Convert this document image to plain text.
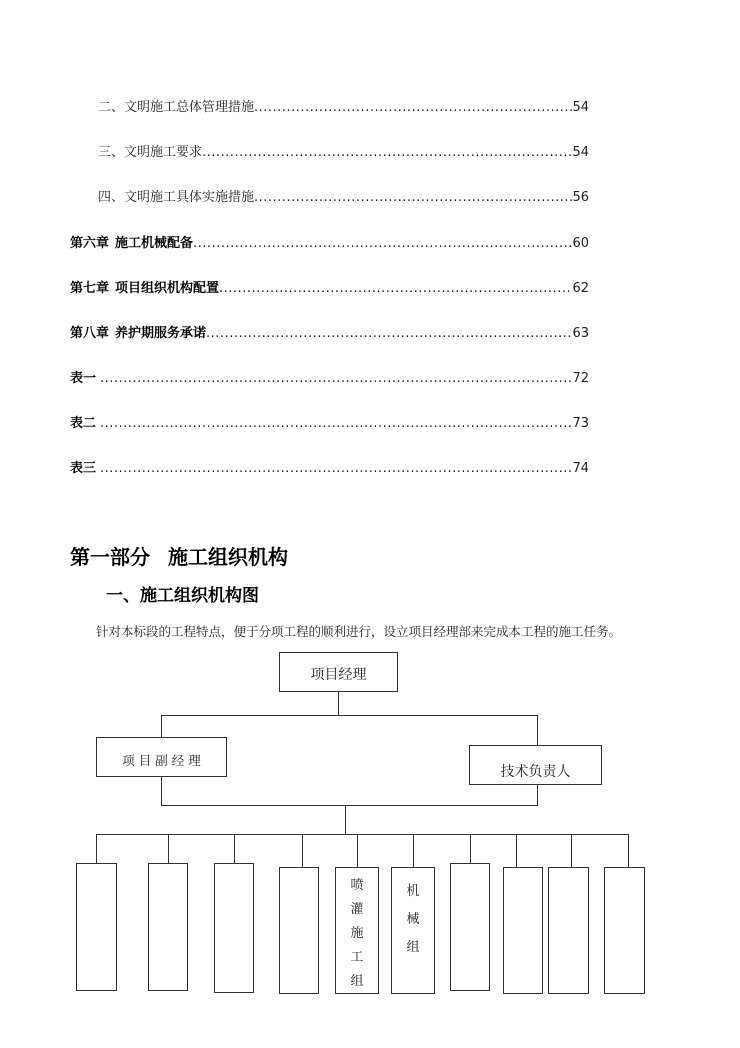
二、文明施工总体管理措施 .....	54
三、文明施工要求 .....	54
四、文明施工具体实施措施 .....	56
第六章 施工机械配备 .....	60
第七章 项目组织机构配置 .....	62
第八章 养护期服务承诺 .....	63
表一 .....	72
表二 .....	73
表三 .....	74
第一部分 施工组织机构
一、施工组织机构图
针对本标段的工程特点，便于分项工程的顺利进行，设立项目经理部来完成本工程的施工任务。
项目经理
项 目 副 经 理
技术负责人
喷
灌
施
工
组
机
械
组
